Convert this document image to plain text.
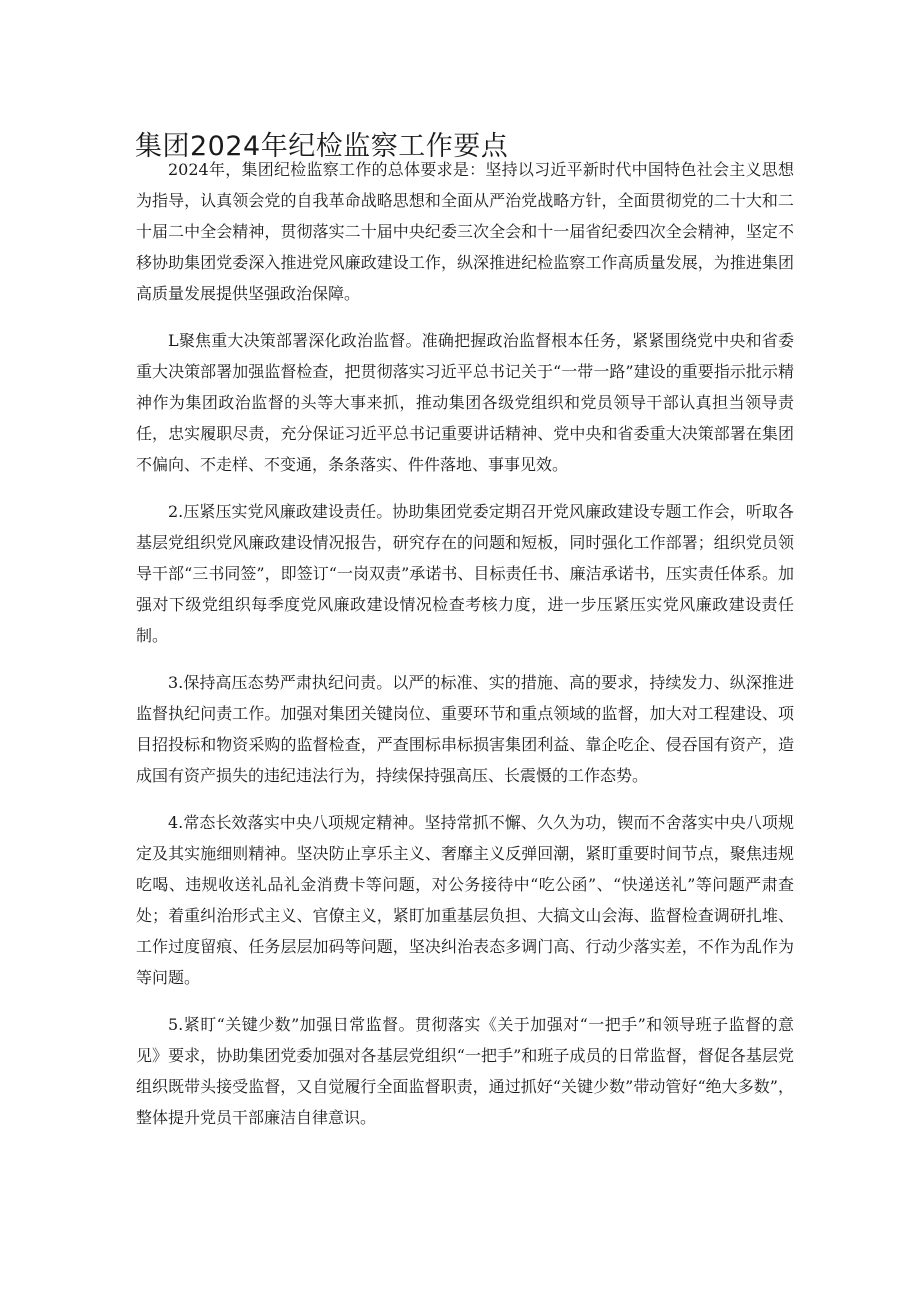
集团2024年纪检监察工作要点

2024年，集团纪检监察工作的总体要求是：坚持以习近平新时代中国特色社会主义思想为指导，认真领会党的自我革命战略思想和全面从严治党战略方针，全面贯彻党的二十大和二十届二中全会精神，贯彻落实二十届中央纪委三次全会和十一届省纪委四次全会精神，坚定不移协助集团党委深入推进党风廉政建设工作，纵深推进纪检监察工作高质量发展，为推进集团高质量发展提供坚强政治保障。

L聚焦重大决策部署深化政治监督。准确把握政治监督根本任务，紧紧围绕党中央和省委重大决策部署加强监督检查，把贯彻落实习近平总书记关于“一带一路”建设的重要指示批示精神作为集团政治监督的头等大事来抓，推动集团各级党组织和党员领导干部认真担当领导责任，忠实履职尽责，充分保证习近平总书记重要讲话精神、党中央和省委重大决策部署在集团不偏向、不走样、不变通，条条落实、件件落地、事事见效。

2.压紧压实党风廉政建设责任。协助集团党委定期召开党风廉政建设专题工作会，听取各基层党组织党风廉政建设情况报告，研究存在的问题和短板，同时强化工作部署；组织党员领导干部“三书同签”，即签订“一岗双责”承诺书、目标责任书、廉洁承诺书，压实责任体系。加强对下级党组织每季度党风廉政建设情况检查考核力度，进一步压紧压实党风廉政建设责任制。

3.保持高压态势严肃执纪问责。以严的标准、实的措施、高的要求，持续发力、纵深推进监督执纪问责工作。加强对集团关键岗位、重要环节和重点领域的监督，加大对工程建设、项目招投标和物资采购的监督检查，严查围标串标损害集团利益、靠企吃企、侵吞国有资产，造成国有资产损失的违纪违法行为，持续保持强高压、长震慑的工作态势。

4.常态长效落实中央八项规定精神。坚持常抓不懈、久久为功，锲而不舍落实中央八项规定及其实施细则精神。坚决防止享乐主义、奢靡主义反弹回潮，紧盯重要时间节点，聚焦违规吃喝、违规收送礼品礼金消费卡等问题，对公务接待中“吃公函”、“快递送礼”等问题严肃查处；着重纠治形式主义、官僚主义，紧盯加重基层负担、大搞文山会海、监督检查调研扎堆、工作过度留痕、任务层层加码等问题，坚决纠治表态多调门高、行动少落实差，不作为乱作为等问题。

5.紧盯“关键少数”加强日常监督。贯彻落实《关于加强对“一把手”和领导班子监督的意见》要求，协助集团党委加强对各基层党组织“一把手”和班子成员的日常监督，督促各基层党组织既带头接受监督，又自觉履行全面监督职责，通过抓好“关键少数”带动管好“绝大多数”，整体提升党员干部廉洁自律意识。
